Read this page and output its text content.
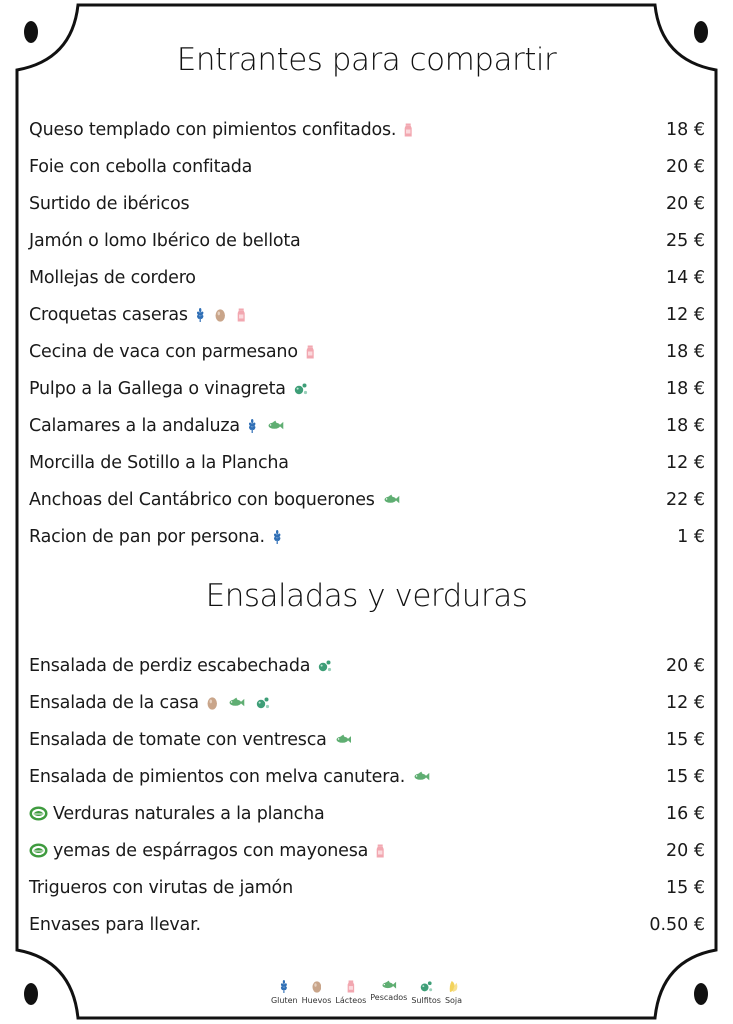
Entrantes para compartir
Queso templado con pimientos confitados.	18 €
Foie con cebolla confitada	20 €
Surtido de ibéricos	20 €
Jamón o lomo Ibérico de bellota	25 €
Mollejas de cordero	14 €
Croquetas caseras	12 €
Cecina de vaca con parmesano	18 €
Pulpo a la Gallega o vinagreta	18 €
Calamares a la andaluza	18 €
Morcilla de Sotillo a la Plancha	12 €
Anchoas del Cantábrico con boquerones	22 €
Racion de pan por persona.	1 €
Ensaladas y verduras
Ensalada de perdiz escabechada	20 €
Ensalada de la casa	12 €
Ensalada de tomate con ventresca	15 €
Ensalada de pimientos con melva canutera.	15 €
Verduras naturales a la plancha	16 €
yemas de espárragos con mayonesa	20 €
Trigueros con virutas de jamón	15 €
Envases para llevar.	0.50 €
Gluten Huevos Lácteos Pescados Sulfitos Soja
